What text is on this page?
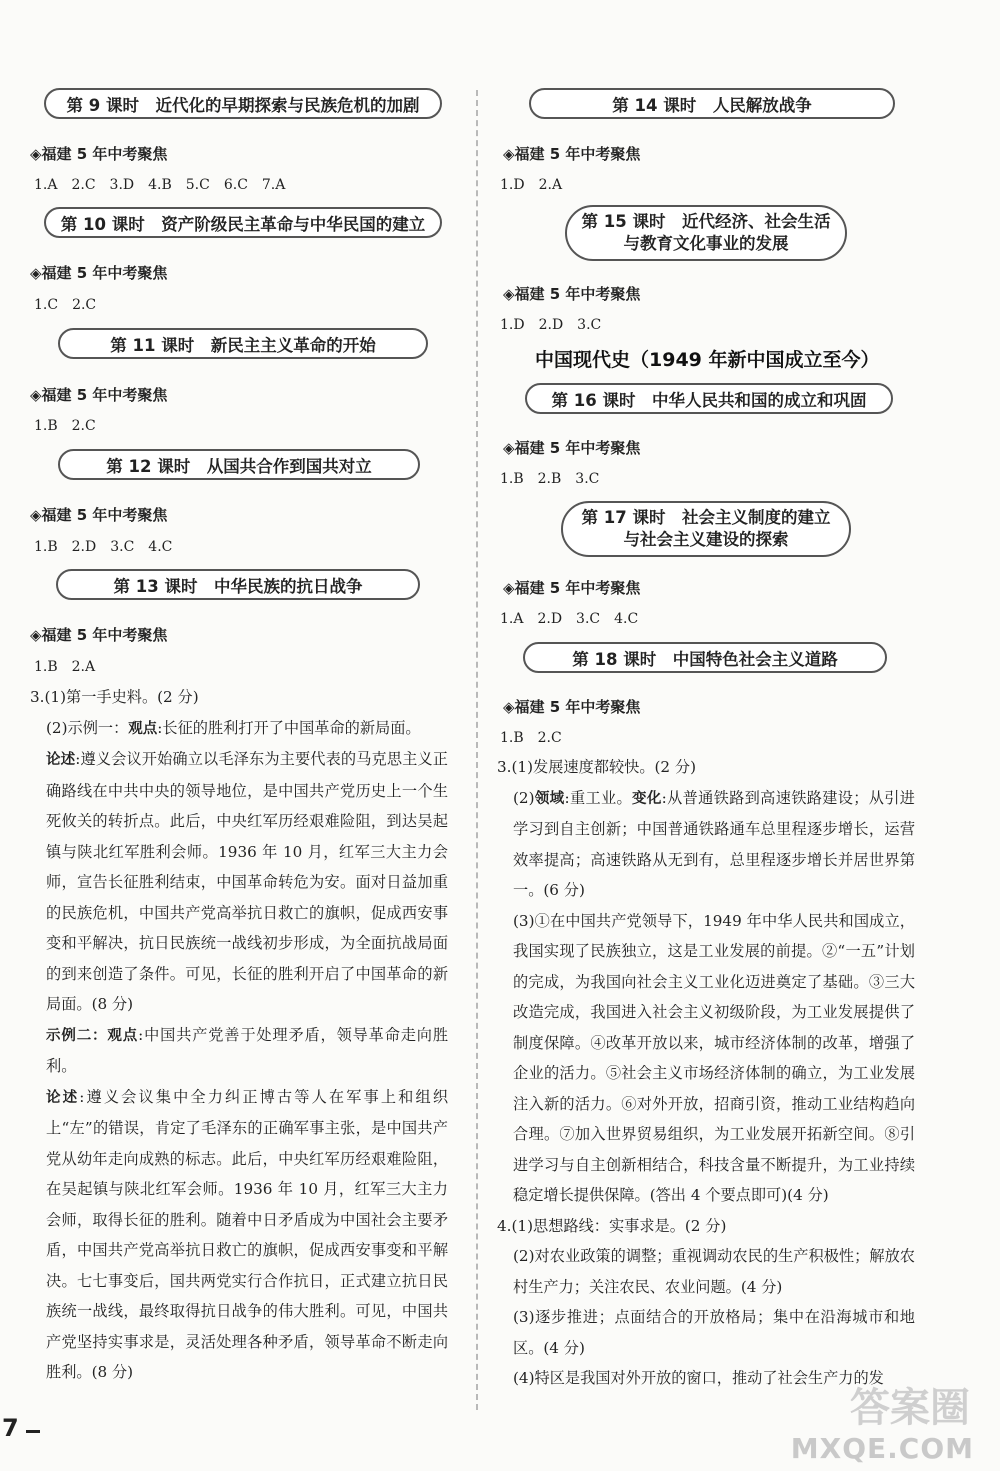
第 9 课时　近代化的早期探索与民族危机的加剧
◈福建 5 年中考聚焦
1.A　2.C　3.D　4.B　5.C　6.C　7.A
第 10 课时　资产阶级民主革命与中华民国的建立
◈福建 5 年中考聚焦
1.C　2.C
第 11 课时　新民主主义革命的开始
◈福建 5 年中考聚焦
1.B　2.C
第 12 课时　从国共合作到国共对立
◈福建 5 年中考聚焦
1.B　2.D　3.C　4.C
第 13 课时　中华民族的抗日战争
◈福建 5 年中考聚焦
1.B　2.A

3.(1)第一手史料。(2 分)

(2)示例一：观点:长征的胜利打开了中国革命的新局面。

论述:遵义会议开始确立以毛泽东为主要代表的马克思主义正确路线在中共中央的领导地位，是中国共产党历史上一个生死攸关的转折点。此后，中央红军历经艰难险阻，到达吴起镇与陕北红军胜利会师。1936 年 10 月，红军三大主力会师，宣告长征胜利结束，中国革命转危为安。面对日益加重的民族危机，中国共产党高举抗日救亡的旗帜，促成西安事变和平解决，抗日民族统一战线初步形成，为全面抗战局面的到来创造了条件。可见，长征的胜利开启了中国革命的新局面。(8 分)

示例二：观点:中国共产党善于处理矛盾，领导革命走向胜利。

论述:遵义会议集中全力纠正博古等人在军事上和组织上“左”的错误，肯定了毛泽东的正确军事主张，是中国共产党从幼年走向成熟的标志。此后，中央红军历经艰难险阻，在吴起镇与陕北红军会师。1936 年 10 月，红军三大主力会师，取得长征的胜利。随着中日矛盾成为中国社会主要矛盾，中国共产党高举抗日救亡的旗帜，促成西安事变和平解决。七七事变后，国共两党实行合作抗日，正式建立抗日民族统一战线，最终取得抗日战争的伟大胜利。可见，中国共产党坚持实事求是，灵活处理各种矛盾，领导革命不断走向胜利。(8 分)

第 14 课时　人民解放战争
◈福建 5 年中考聚焦
1.D　2.A
第 15 课时　近代经济、社会生活
与教育文化事业的发展
◈福建 5 年中考聚焦
1.D　2.D　3.C
中国现代史（1949 年新中国成立至今）
第 16 课时　中华人民共和国的成立和巩固
◈福建 5 年中考聚焦
1.B　2.B　3.C
第 17 课时　社会主义制度的建立
与社会主义建设的探索
◈福建 5 年中考聚焦
1.A　2.D　3.C　4.C
第 18 课时　中国特色社会主义道路
◈福建 5 年中考聚焦
1.B　2.C

3.(1)发展速度都较快。(2 分)

(2)领域:重工业。变化:从普通铁路到高速铁路建设；从引进学习到自主创新；中国普通铁路通车总里程逐步增长，运营效率提高；高速铁路从无到有，总里程逐步增长并居世界第一。(6 分)

(3)①在中国共产党领导下，1949 年中华人民共和国成立，我国实现了民族独立，这是工业发展的前提。②“一五”计划的完成，为我国向社会主义工业化迈进奠定了基础。③三大改造完成，我国进入社会主义初级阶段，为工业发展提供了制度保障。④改革开放以来，城市经济体制的改革，增强了企业的活力。⑤社会主义市场经济体制的确立，为工业发展注入新的活力。⑥对外开放，招商引资，推动工业结构趋向合理。⑦加入世界贸易组织，为工业发展开拓新空间。⑧引进学习与自主创新相结合，科技含量不断提升，为工业持续稳定增长提供保障。(答出 4 个要点即可)(4 分)

4.(1)思想路线：实事求是。(2 分)

(2)对农业政策的调整；重视调动农民的生产积极性；解放农村生产力；关注农民、农业问题。(4 分)

(3)逐步推进；点面结合的开放格局；集中在沿海城市和地区。(4 分)

(4)特区是我国对外开放的窗口，推动了社会生产力的发

7	答案圈
MXQE.COM
